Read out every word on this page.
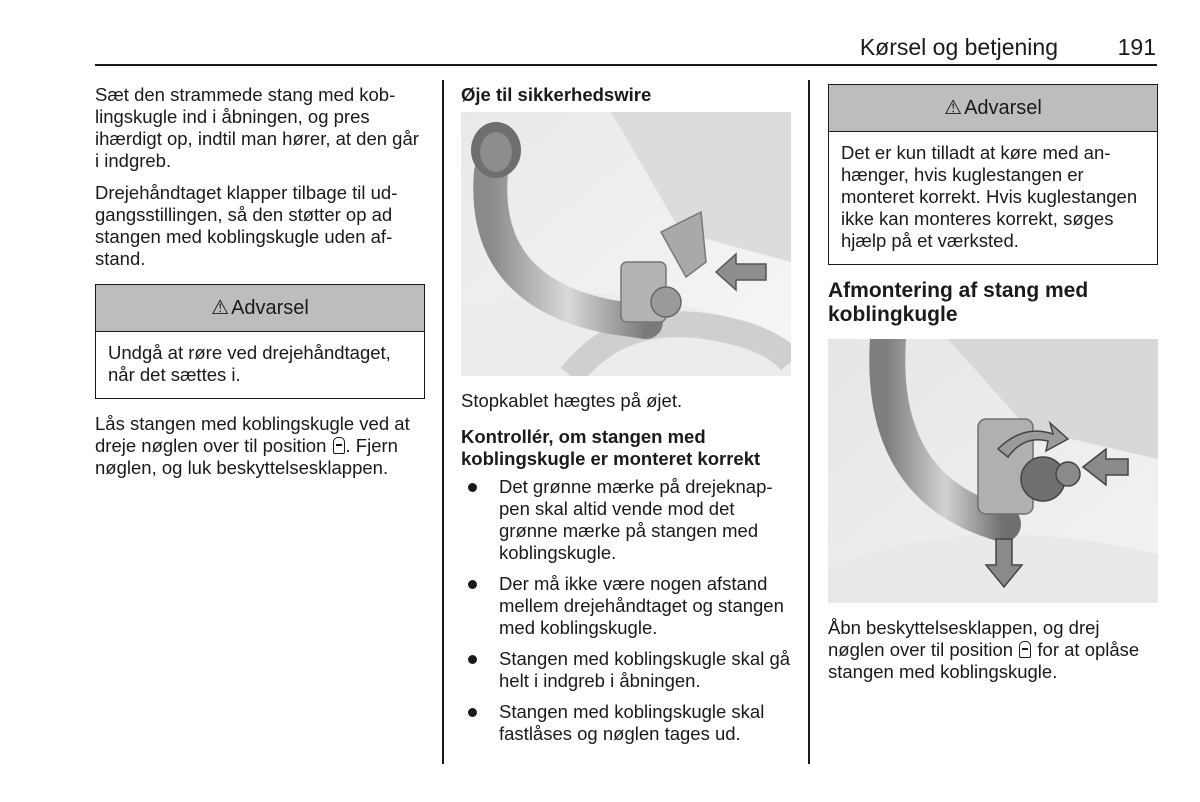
Kørsel og betjening	191

Sæt den strammede stang med koblingskugle ind i åbningen, og pres ihærdigt op, indtil man hører, at den går i indgreb.

Drejehåndtaget klapper tilbage til udgangsstillingen, så den støtter op ad stangen med koblingskugle uden afstand.

⚠ Advarsel
Undgå at røre ved drejehåndtaget, når det sættes i.

Lås stangen med koblingskugle ved at dreje nøglen over til position . Fjern nøglen, og luk beskyttelsesklappen.

Øje til sikkerhedswire

Stopkablet hægtes på øjet.

Kontrollér, om stangen med koblingskugle er monteret korrekt
Det grønne mærke på drejeknappen skal altid vende mod det grønne mærke på stangen med koblingskugle.
Der må ikke være nogen afstand mellem drejehåndtaget og stangen med koblingskugle.
Stangen med koblingskugle skal gå helt i indgreb i åbningen.
Stangen med koblingskugle skal fastlåses og nøglen tages ud.
⚠ Advarsel
Det er kun tilladt at køre med anhænger, hvis kuglestangen er monteret korrekt. Hvis kuglestangen ikke kan monteres korrekt, søges hjælp på et værksted.
Afmontering af stang med koblingkugle

Åbn beskyttelsesklappen, og drej nøglen over til position  for at oplåse stangen med koblingskugle.
